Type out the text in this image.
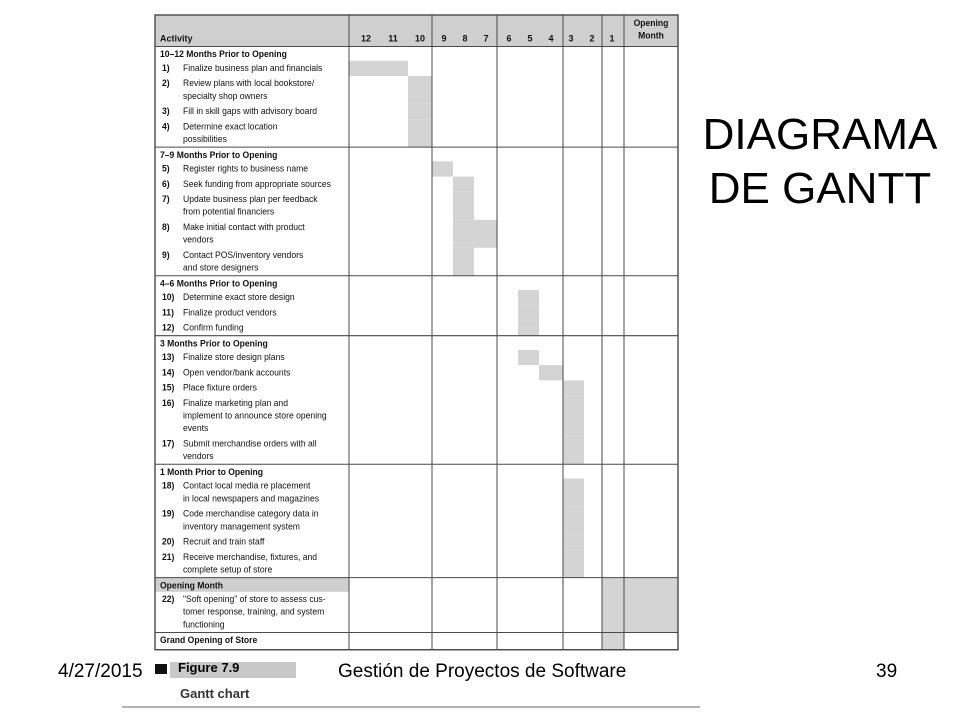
10–12 Months Prior to Opening
1) Finalize business plan and financials
2) Review plans with local bookstore/
specialty shop owners
3) Fill in skill gaps with advisory board
4) Determine exact location
possibilities
7–9 Months Prior to Opening
5) Register rights to business name
6) Seek funding from appropriate sources
7) Update business plan per feedback
from potential financiers
8) Make initial contact with product
vendors
9) Contact POS/inventory vendors
and store designers
4–6 Months Prior to Opening
10) Determine exact store design
11) Finalize product vendors
12) Confirm funding
3 Months Prior to Opening
13) Finalize store design plans
14) Open vendor/bank accounts
15) Place fixture orders
16) Finalize marketing plan and
implement to announce store opening
events
17) Submit merchandise orders with all
vendors
1 Month Prior to Opening
18) Contact local media re placement
in local newspapers and magazines
19) Code merchandise category data in
inventory management system
20) Recruit and train staff
21) Receive merchandise, fixtures, and
complete setup of store
Opening Month
22) "Soft opening" of store to assess cus-
tomer response, training, and system
functioning
Grand Opening of Store
Activity	12 11 10 9 8 7 6 5 4 3 2 1
Opening
Month
DIAGRAMA
DE GANTT
Figure 7.9
Gantt chart
4/27/2015	Gestión de Proyectos de Software	39
